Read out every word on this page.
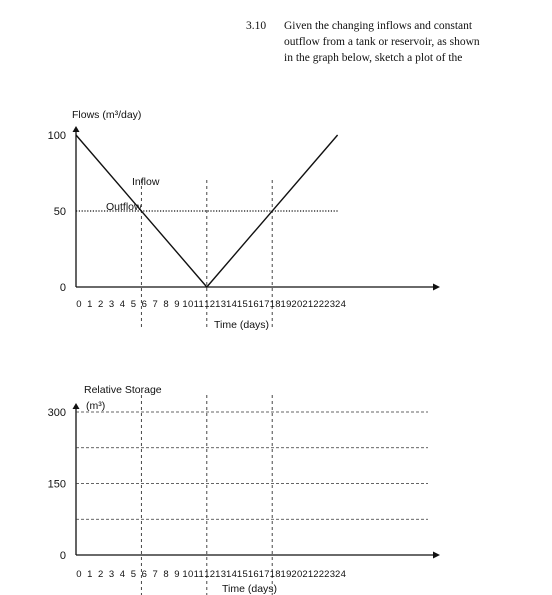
3.10 Given the changing inflows and constant
outflow from a tank or reservoir, as shown
in the graph below, sketch a plot of the
Flows (m³/day)
Time (days)
Inflow
Outflow
0
50
100
0 1 2 3 4 5 6 7 8 9 10 11 12 13 14 15 16 17 18 19 20 21 22 23 24
Relative Storage
(m³)
Time (days)
0
150
300
0 1 2 3 4 5 6 7 8 9 10 11 12 13 14 15 16 17 18 19 20 21 22 23 24
